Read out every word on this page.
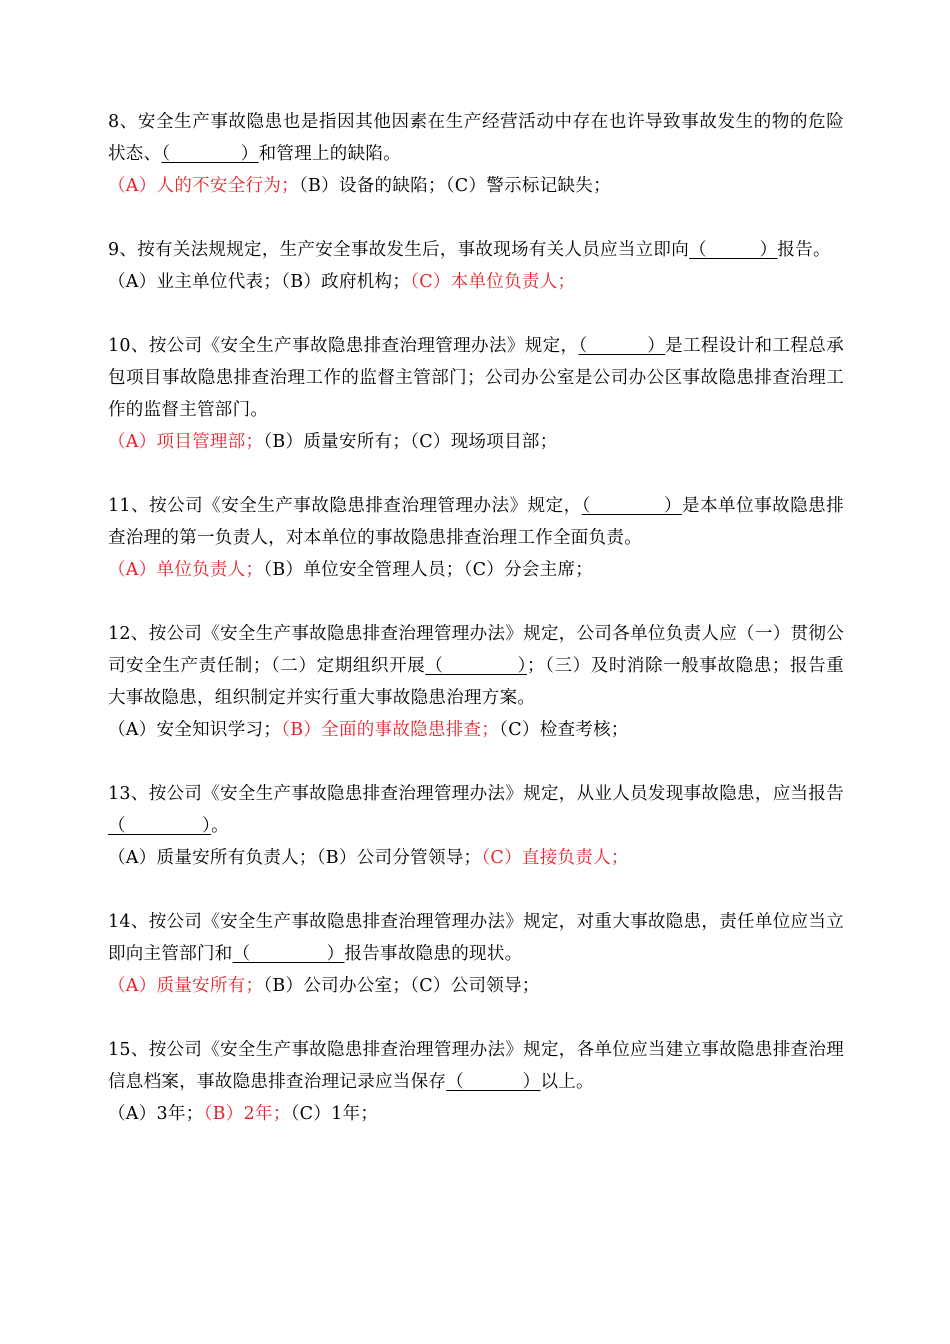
8、安全生产事故隐患也是指因其他因素在生产经营活动中存在也许导致事故发生的物的危险状态、（            ）和管理上的缺陷。
（A）人的不安全行为；（B）设备的缺陷；（C）警示标记缺失；
9、按有关法规规定，生产安全事故发生后，事故现场有关人员应当立即向（         ）报告。
（A）业主单位代表；（B）政府机构；（C）本单位负责人；
10、按公司《安全生产事故隐患排查治理管理办法》规定，（          ）是工程设计和工程总承包项目事故隐患排查治理工作的监督主管部门；公司办公室是公司办公区事故隐患排查治理工作的监督主管部门。
（A）项目管理部；（B）质量安所有；（C）现场项目部；
11、按公司《安全生产事故隐患排查治理管理办法》规定，（            ）是本单位事故隐患排查治理的第一负责人，对本单位的事故隐患排查治理工作全面负责。
（A）单位负责人；（B）单位安全管理人员；（C）分会主席；
12、按公司《安全生产事故隐患排查治理管理办法》规定，公司各单位负责人应（一）贯彻公司安全生产责任制；（二）定期组织开展（            ）；（三）及时消除一般事故隐患；报告重大事故隐患，组织制定并实行重大事故隐患治理方案。
（A）安全知识学习；（B）全面的事故隐患排查；（C）检查考核；
13、按公司《安全生产事故隐患排查治理管理办法》规定，从业人员发现事故隐患，应当报告（             ）。
（A）质量安所有负责人；（B）公司分管领导；（C）直接负责人；
14、按公司《安全生产事故隐患排查治理管理办法》规定，对重大事故隐患，责任单位应当立即向主管部门和（             ）报告事故隐患的现状。
（A）质量安所有；（B）公司办公室；（C）公司领导；
15、按公司《安全生产事故隐患排查治理管理办法》规定，各单位应当建立事故隐患排查治理信息档案，事故隐患排查治理记录应当保存（          ）以上。
（A）3年；（B）2年；（C）1年；
